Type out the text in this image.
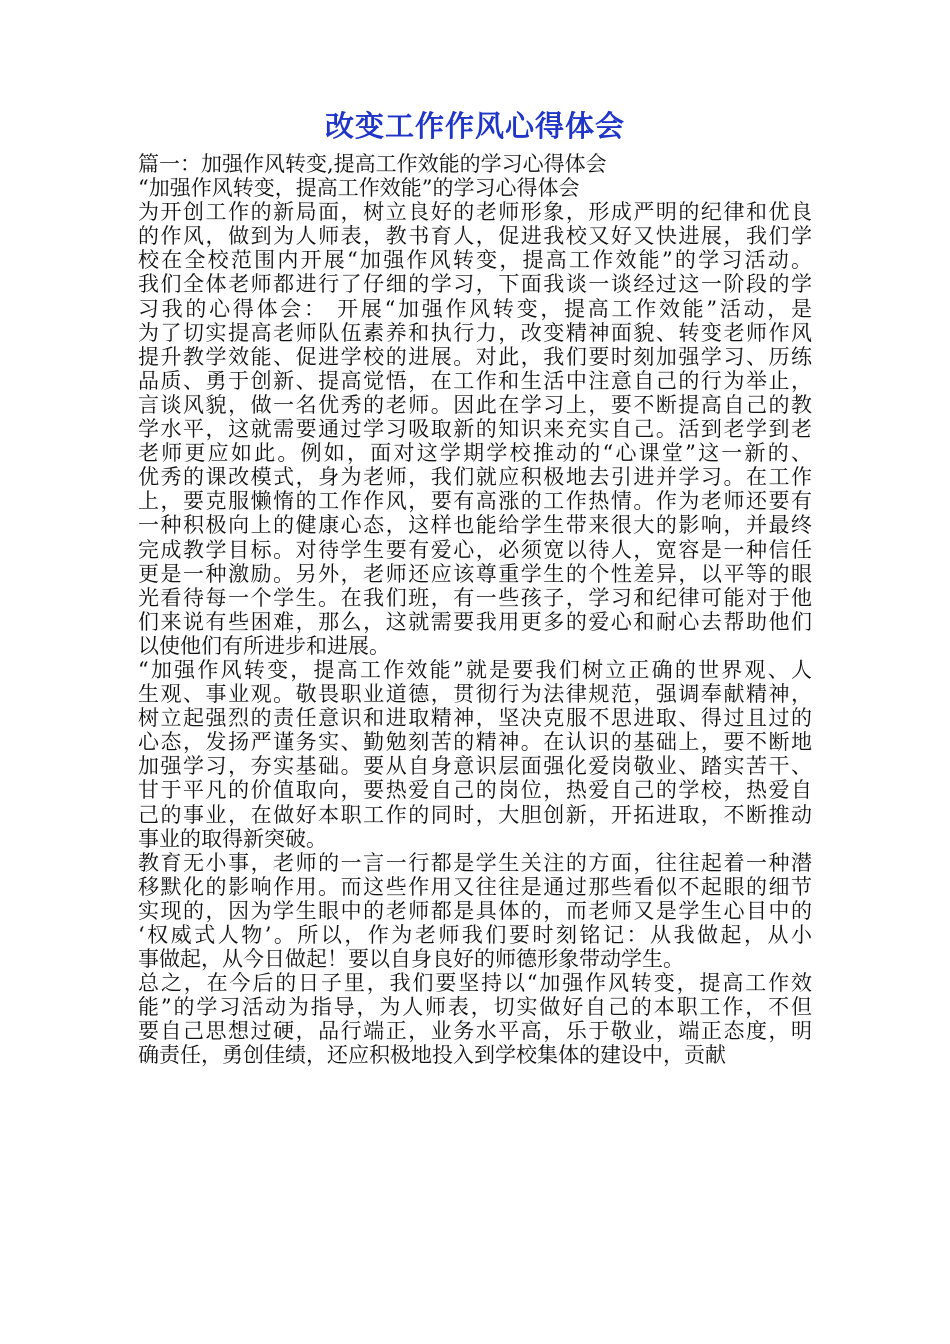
改变工作作风心得体会

篇一：加强作风转变,提高工作效能的学习心得体会

“加强作风转变，提高工作效能”的学习心得体会

为开创工作的新局面，树立良好的老师形象，形成严明的纪律和优良

的作风，做到为人师表，教书育人，促进我校又好又快进展，我们学

校在全校范围内开展“加强作风转变，提高工作效能”的学习活动。

我们全体老师都进行了仔细的学习，下面我谈一谈经过这一阶段的学

习我的心得体会： 开展“加强作风转变，提高工作效能”活动，是

为了切实提高老师队伍素养和执行力，改变精神面貌、转变老师作风

提升教学效能、促进学校的进展。对此，我们要时刻加强学习、历练

品质、勇于创新、提高觉悟，在工作和生活中注意自己的行为举止，

言谈风貌，做一名优秀的老师。因此在学习上，要不断提高自己的教

学水平，这就需要通过学习吸取新的知识来充实自己。活到老学到老

老师更应如此。例如，面对这学期学校推动的“心课堂”这一新的、

优秀的课改模式，身为老师，我们就应积极地去引进并学习。在工作

上，要克服懒惰的工作作风，要有高涨的工作热情。作为老师还要有

一种积极向上的健康心态，这样也能给学生带来很大的影响，并最终

完成教学目标。对待学生要有爱心，必须宽以待人，宽容是一种信任

更是一种激励。另外，老师还应该尊重学生的个性差异，以平等的眼

光看待每一个学生。在我们班，有一些孩子，学习和纪律可能对于他

们来说有些困难，那么，这就需要我用更多的爱心和耐心去帮助他们

以使他们有所进步和进展。

“加强作风转变，提高工作效能”就是要我们树立正确的世界观、人

生观、事业观。敬畏职业道德，贯彻行为法律规范，强调奉献精神，

树立起强烈的责任意识和进取精神，坚决克服不思进取、得过且过的

心态，发扬严谨务实、勤勉刻苦的精神。在认识的基础上，要不断地

加强学习，夯实基础。要从自身意识层面强化爱岗敬业、踏实苦干、

甘于平凡的价值取向，要热爱自己的岗位，热爱自己的学校，热爱自

己的事业，在做好本职工作的同时，大胆创新，开拓进取，不断推动

事业的取得新突破。

教育无小事，老师的一言一行都是学生关注的方面，往往起着一种潜

移默化的影响作用。而这些作用又往往是通过那些看似不起眼的细节

实现的，因为学生眼中的老师都是具体的，而老师又是学生心目中的

‘权威式人物’。所以，作为老师我们要时刻铭记：从我做起，从小

事做起，从今日做起！要以自身良好的师德形象带动学生。

总之，在今后的日子里，我们要坚持以“加强作风转变，提高工作效

能”的学习活动为指导，为人师表，切实做好自己的本职工作，不但

要自己思想过硬，品行端正，业务水平高，乐于敬业，端正态度，明

确责任，勇创佳绩，还应积极地投入到学校集体的建设中，贡献
